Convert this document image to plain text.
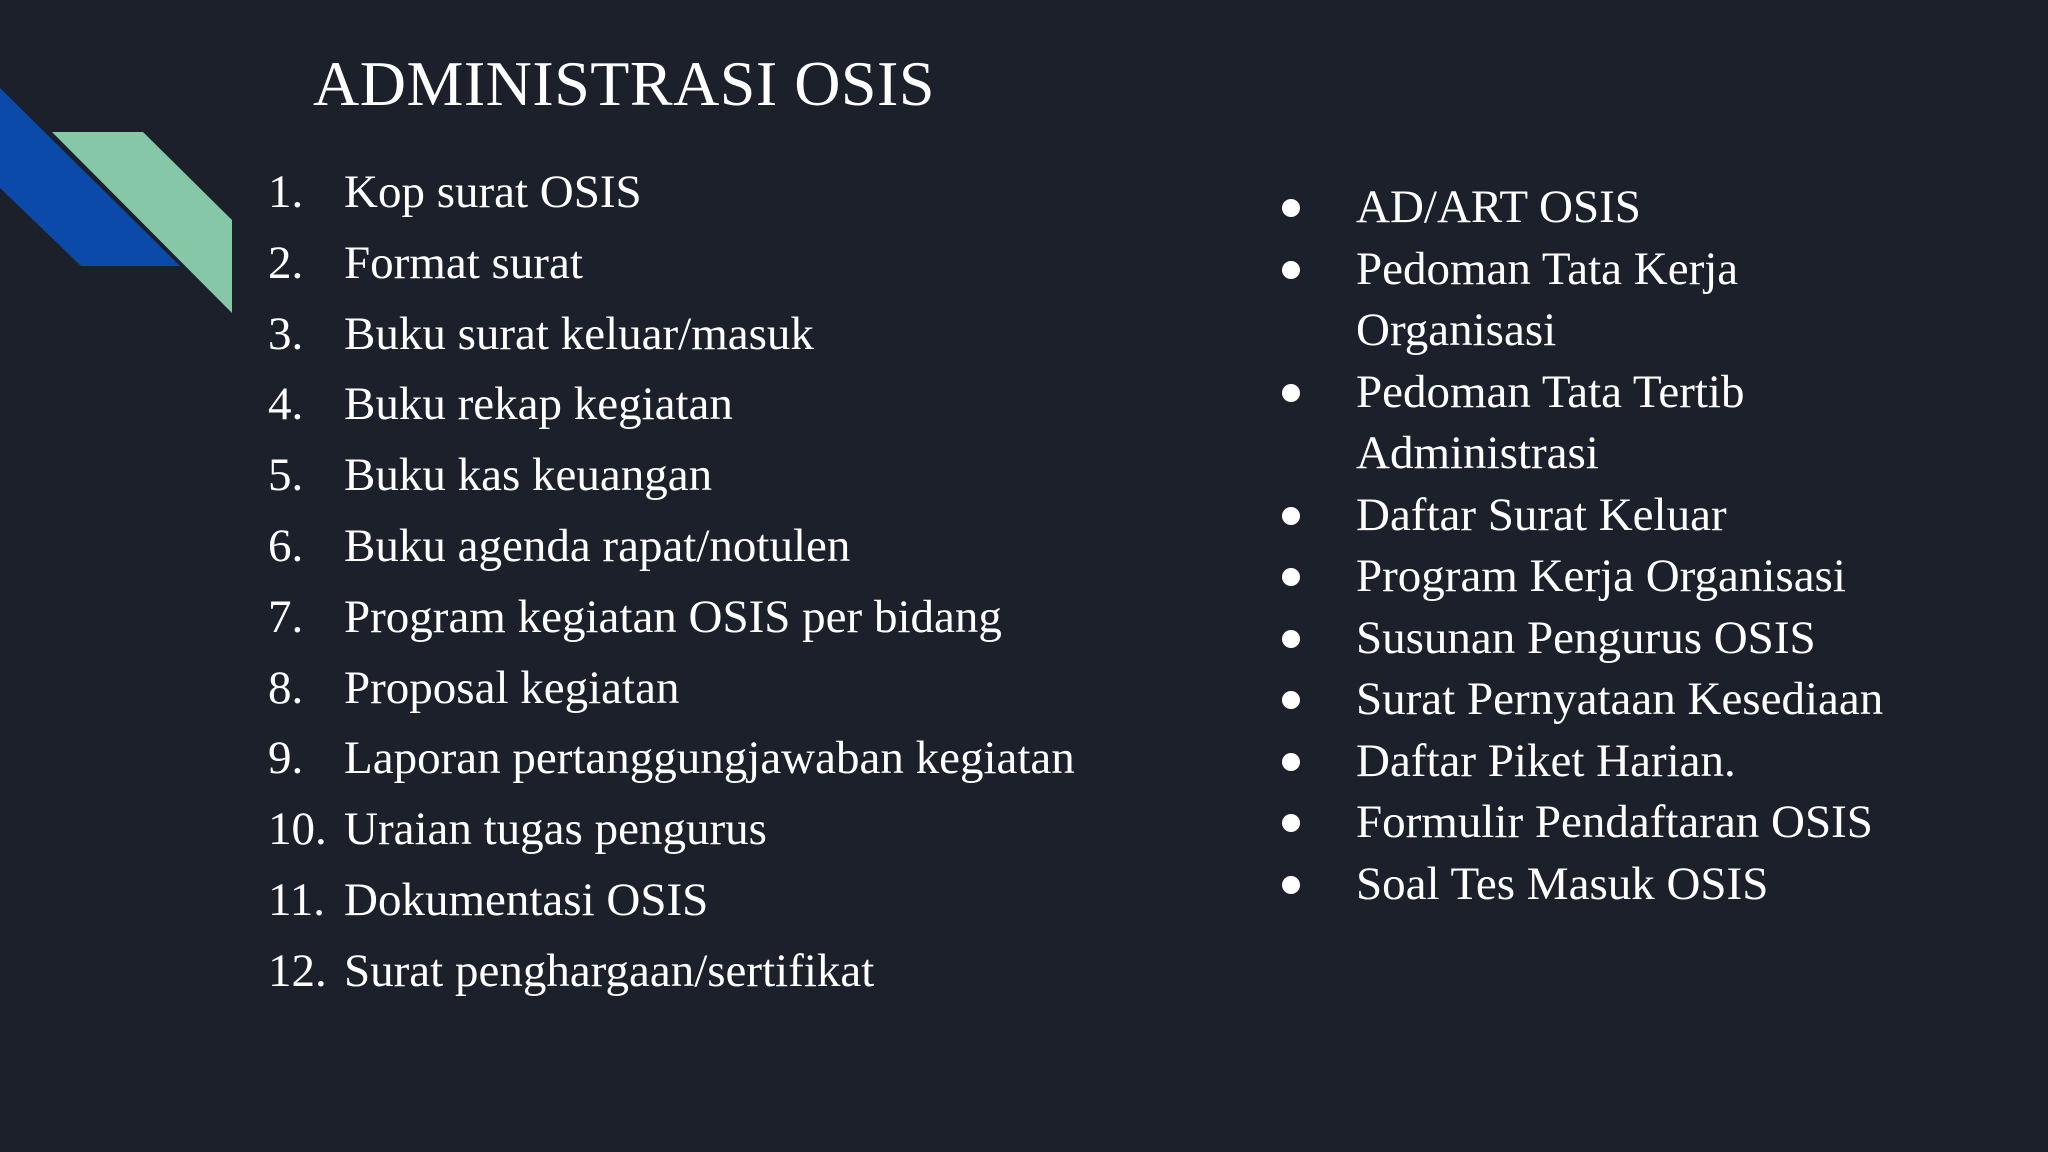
ADMINISTRASI OSIS
1. Kop surat OSIS
2. Format surat
3. Buku surat keluar/masuk
4. Buku rekap kegiatan
5. Buku kas keuangan
6. Buku agenda rapat/notulen
7. Program kegiatan OSIS per bidang
8. Proposal kegiatan
9. Laporan pertanggungjawaban kegiatan
10. Uraian tugas pengurus
11. Dokumentasi OSIS
12. Surat penghargaan/sertifikat
AD/ART OSIS
Pedoman Tata Kerja Organisasi
Pedoman Tata Tertib Administrasi
Daftar Surat Keluar
Program Kerja Organisasi
Susunan Pengurus OSIS
Surat Pernyataan Kesediaan
Daftar Piket Harian.
Formulir Pendaftaran OSIS
Soal Tes Masuk OSIS
